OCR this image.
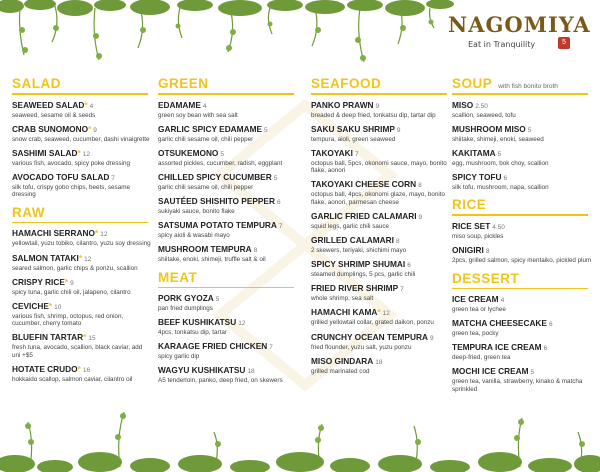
NAGOMIYA
Eat in Tranquility	5
SALAD
SEAWEED SALAD* 4
seaweed, sesame oil & seeds
CRAB SUNOMONO* 9
snow crab, seaweed, cucumber, dashi vinaigrette
SASHIMI SALAD* 12
various fish, avocado, spicy poke dressing
AVOCADO TOFU SALAD 7
silk tofu, crispy gobo chips, beets, sesame dressing
RAW
HAMACHI SERRANO* 12
yellowtail, yuzu tobiko, cilantro, yuzu soy dressing
SALMON TATAKI* 12
seared salmon, garlic chips & ponzu, scallion
CRISPY RICE* 9
spicy tuna, garlic chili oil, jalapeno, cilantro
CEVICHE* 10
various fish, shrimp, octopus, red onion, cucumber, cherry tomato
BLUEFIN TARTAR* 15
fresh tuna, avocado, scallion, black caviar, add uni +$5
HOTATE CRUDO* 16
hokkaido scallop, salmon caviar, cilantro oil
GREEN
EDAMAME 4
green soy bean with sea salt
GARLIC SPICY EDAMAME 5
garlic chili sesame oil, chili pepper
OTSUKEMONO 5
assorted pickles, cucumber, radish, eggplant
CHILLED SPICY CUCUMBER 5
garlic chili sesame oil, chili pepper
SAUTÉED SHISHITO PEPPER 6
sukiyaki sauce, bonito flake
SATSUMA POTATO TEMPURA 7
spicy aioli & wasabi mayo
MUSHROOM TEMPURA 8
shiitake, enoki, shimeji, truffle salt & oil
MEAT
PORK GYOZA 5
pan fried dumplings
BEEF KUSHIKATSU 12
4pcs, tonkatsu dip, tartar
KARAAGE FRIED CHICKEN 7
spicy garlic dip
WAGYU KUSHIKATSU 18
A5 tenderloin, panko, deep fried, on skewers
SEAFOOD
PANKO PRAWN 9
breaded & deep fried, tonkatsu dip, tartar dip
SAKU SAKU SHRIMP 9
tempura, aioli, green seaweed
TAKOYAKI 7
octopus ball, 5pcs, okonomi sauce, mayo, bonito flake, aonori
TAKOYAKI CHEESE CORN 8
octopus ball, 4pcs, okonomi glaze, mayo, bonito flake, aonori, parmesan cheese
GARLIC FRIED CALAMARI 9
squid legs, garlic chili sauce
GRILLED CALAMARI 8
2 skewers, teriyaki, shichimi mayo
SPICY SHRIMP SHUMAI 6
steamed dumplings, 5 pcs, garlic chili
FRIED RIVER SHRIMP 7
whole shrimp, sea salt
HAMACHI KAMA* 12
grilled yellowtail collar, grated daikon, ponzu
CRUNCHY OCEAN TEMPURA 9
fried flounder, yuzu salt, yuzu ponzu
MISO GINDARA 18
grilled marinated cod
SOUP with fish bonito broth
MISO 2.50
scallion, seaweed, tofu
MUSHROOM MISO 5
shiitake, shimeji, enoki, seaweed
KAKITAMA 5
egg, mushroom, bok choy, scallion
SPICY TOFU 6
silk tofu, mushroom, napa, scallion
RICE
RICE SET 4.50
miso soup, pickles
ONIGIRI 8
2pcs, grilled salmon, spicy mentaiko, pickled plum
DESSERT
ICE CREAM 4
green tea or lychee
MATCHA CHEESECAKE 6
green tea, pocky
TEMPURA ICE CREAM 6
deep-fried, green tea
MOCHI ICE CREAM 5
green tea, vanilla, strawberry, kinako & matcha sprinkled
